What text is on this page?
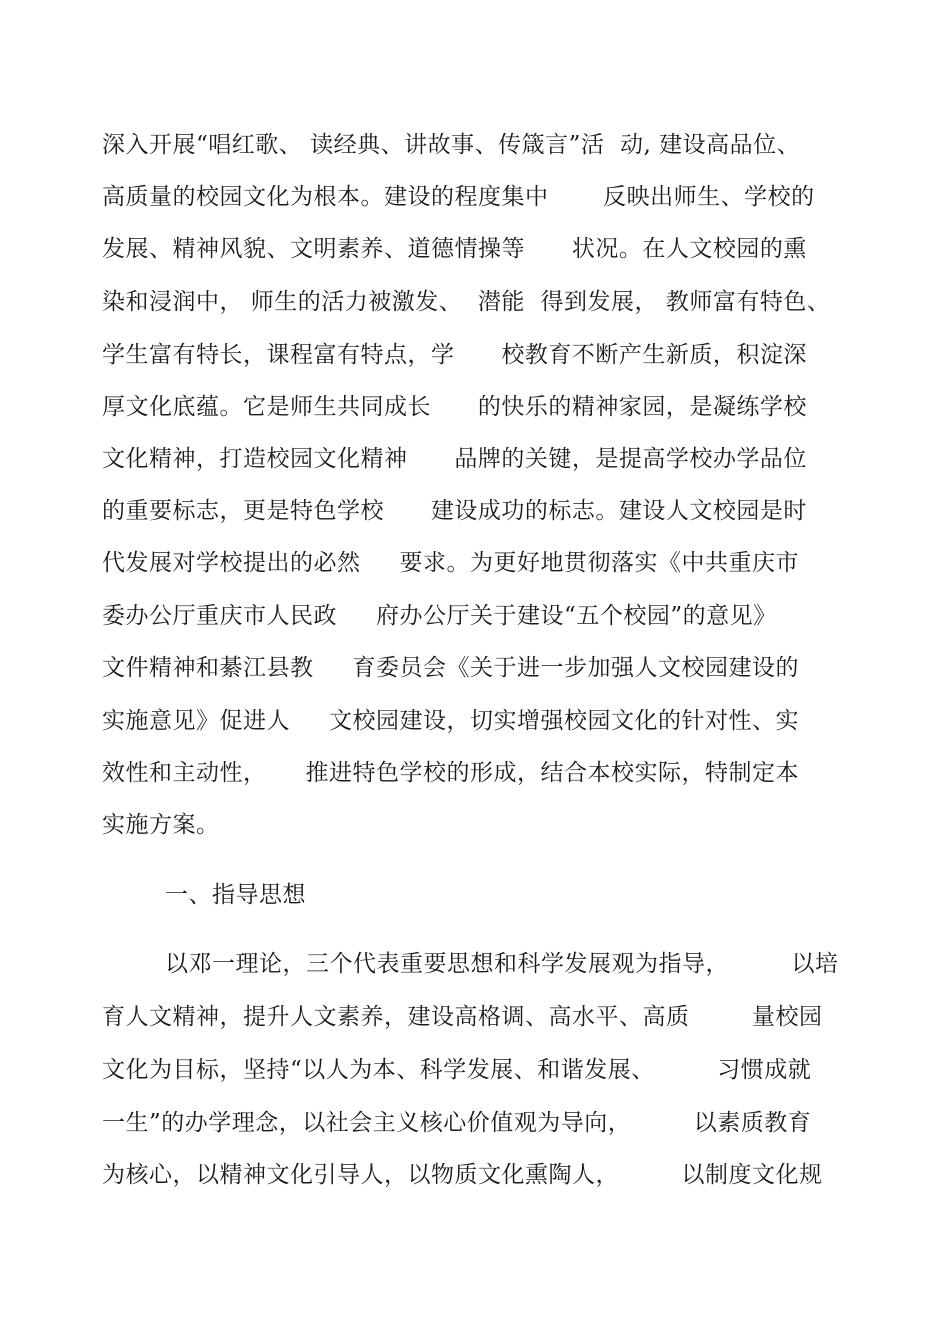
深入开展“唱红歌、 读经典、讲故事、传箴言”活  动, 建设高品位、
高质量的校园文化为根本。建设的程度集中       反映出师生、学校的
发展、精神风貌、文明素养、道德情操等      状况。在人文校园的熏
染和浸润中， 师生的活力被激发、  潜能  得到发展， 教师富有特色、
学生富有特长，课程富有特点，学      校教育不断产生新质，积淀深
厚文化底蕴。它是师生共同成长      的快乐的精神家园，是凝练学校
文化精神，打造校园文化精神      品牌的关键，是提高学校办学品位
的重要标志，更是特色学校      建设成功的标志。建设人文校园是时
代发展对学校提出的必然     要求。为更好地贯彻落实《中共重庆市
委办公厅重庆市人民政     府办公厅关于建设“五个校园”的意见》
文件精神和綦江县教     育委员会《关于进一步加强人文校园建设的
实施意见》促进人     文校园建设，切实增强校园文化的针对性、实
效性和主动性，     推进特色学校的形成，结合本校实际，特制定本
实施方案。
一、指导思想
以邓一理论，三个代表重要思想和科学发展观为指导，        以培
育人文精神，提升人文素养，建设高格调、高水平、高质        量校园
文化为目标，坚持“以人为本、科学发展、和谐发展、        习惯成就
一生”的办学理念，以社会主义核心价值观为导向，        以素质教育
为核心，以精神文化引导人，以物质文化熏陶人，        以制度文化规
